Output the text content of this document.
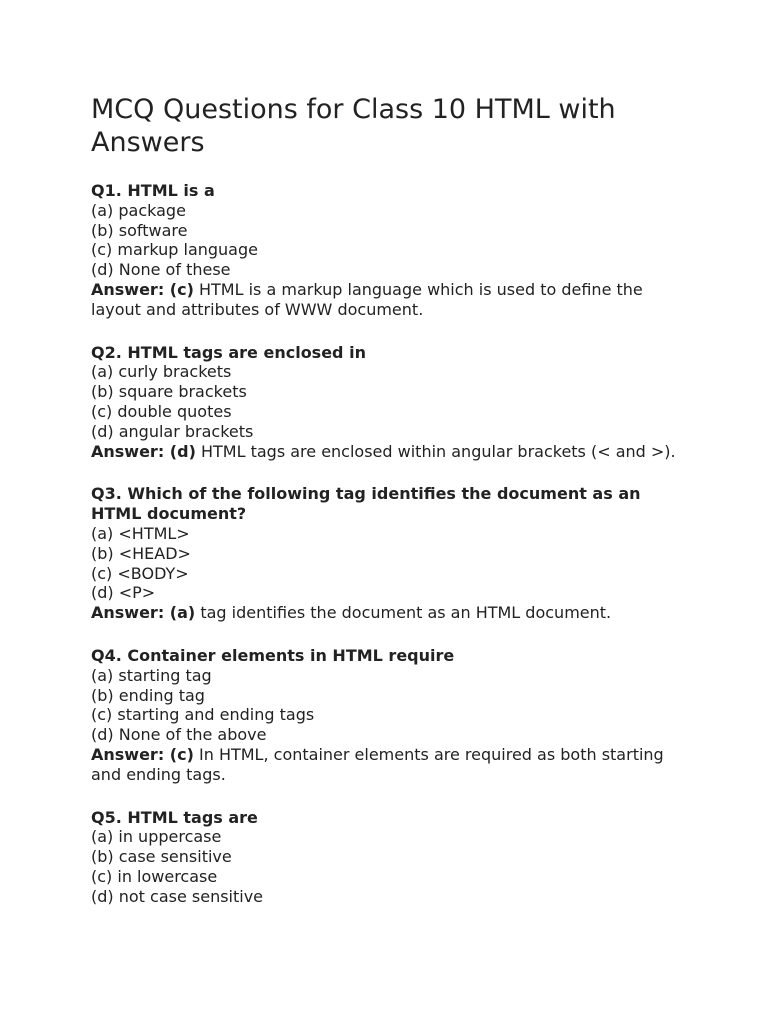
MCQ Questions for Class 10 HTML with Answers
Q1. HTML is a
(a) package
(b) software
(c) markup language
(d) None of these
Answer: (c) HTML is a markup language which is used to define the layout and attributes of WWW document.
Q2. HTML tags are enclosed in
(a) curly brackets
(b) square brackets
(c) double quotes
(d) angular brackets
Answer: (d) HTML tags are enclosed within angular brackets (< and >).
Q3. Which of the following tag identifies the document as an HTML document?
(a) <HTML>
(b) <HEAD>
(c) <BODY>
(d) <P>
Answer: (a) tag identifies the document as an HTML document.
Q4. Container elements in HTML require
(a) starting tag
(b) ending tag
(c) starting and ending tags
(d) None of the above
Answer: (c) In HTML, container elements are required as both starting and ending tags.
Q5. HTML tags are
(a) in uppercase
(b) case sensitive
(c) in lowercase
(d) not case sensitive
